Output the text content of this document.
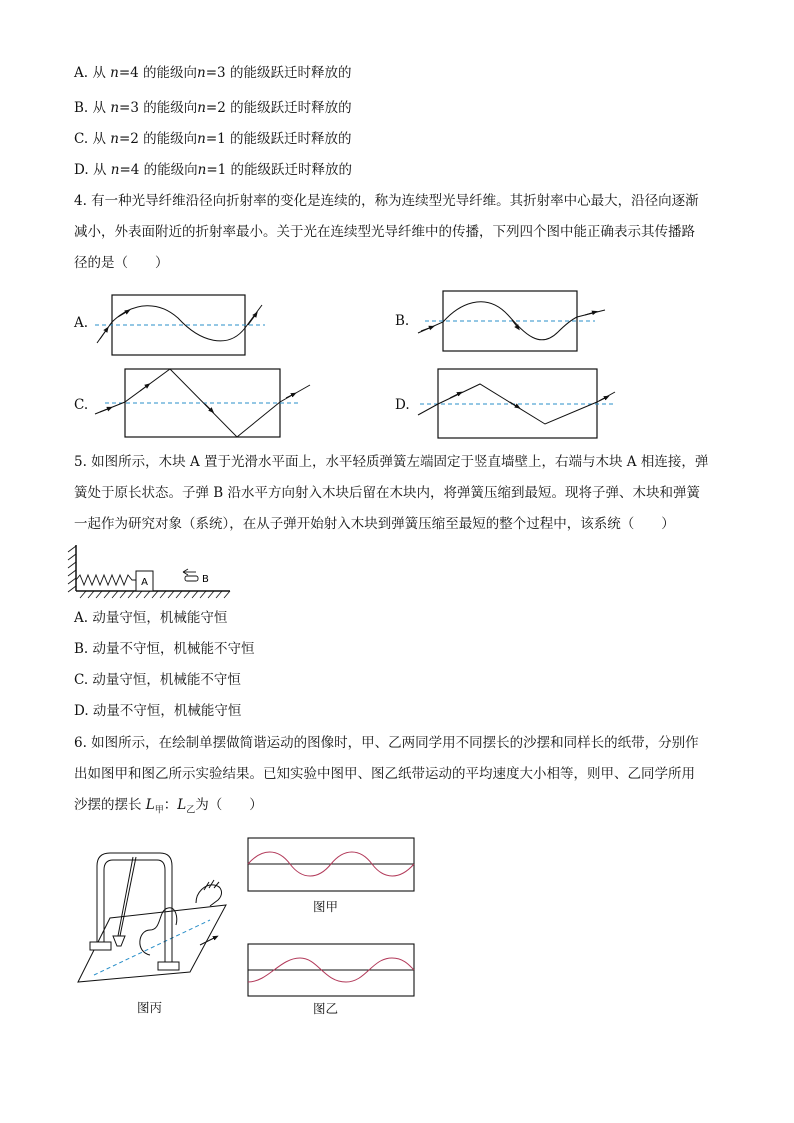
A. 从 n=4 的能级向n=3 的能级跃迁时释放的
B. 从 n=3 的能级向n=2 的能级跃迁时释放的
C. 从 n=2 的能级向n=1 的能级跃迁时释放的
D. 从 n=4 的能级向n=1 的能级跃迁时释放的
4. 有一种光导纤维沿径向折射率的变化是连续的，称为连续型光导纤维。其折射率中心最大，沿径向逐渐
减小，外表面附近的折射率最小。关于光在连续型光导纤维中的传播，下列四个图中能正确表示其传播路
径的是（　　）
A.	B.
C.	D.
5. 如图所示，木块 A 置于光滑水平面上，水平轻质弹簧左端固定于竖直墙壁上，右端与木块 A 相连接，弹
簧处于原长状态。子弹 B 沿水平方向射入木块后留在木块内，将弹簧压缩到最短。现将子弹、木块和弹簧
一起作为研究对象（系统），在从子弹开始射入木块到弹簧压缩至最短的整个过程中，该系统（　　）
A	B
A. 动量守恒，机械能守恒
B. 动量不守恒，机械能不守恒
C. 动量守恒，机械能不守恒
D. 动量不守恒，机械能守恒
6. 如图所示，在绘制单摆做简谐运动的图像时，甲、乙两同学用不同摆长的沙摆和同样长的纸带，分别作
出如图甲和图乙所示实验结果。已知实验中图甲、图乙纸带运动的平均速度大小相等，则甲、乙同学所用
沙摆的摆长 $L_甲$：$L_乙$为（　　）
图丙
图甲
图乙
